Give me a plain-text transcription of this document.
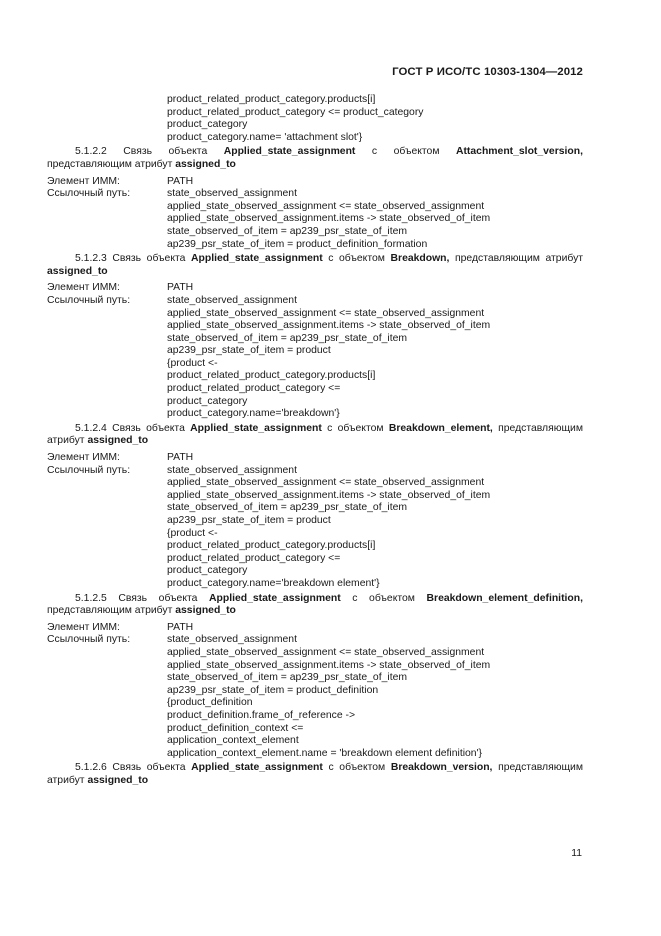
ГОСТ Р ИСО/ТС 10303-1304—2012
product_related_product_category.products[i]
product_related_product_category <= product_category
product_category
product_category.name= 'attachment slot'}
5.1.2.2 Связь объекта Applied_state_assignment с объектом Attachment_slot_version, представляющим атрибут assigned_to
Элемент ИММ:	PATH
Ссылочный путь:	state_observed_assignment
applied_state_observed_assignment <= state_observed_assignment
applied_state_observed_assignment.items -> state_observed_of_item
state_observed_of_item = ap239_psr_state_of_item
ap239_psr_state_of_item = product_definition_formation
5.1.2.3 Связь объекта Applied_state_assignment с объектом Breakdown, представляющим атрибут assigned_to
Элемент ИММ:	PATH
Ссылочный путь:	state_observed_assignment
applied_state_observed_assignment <= state_observed_assignment
applied_state_observed_assignment.items -> state_observed_of_item
state_observed_of_item = ap239_psr_state_of_item
ap239_psr_state_of_item = product
{product <-
product_related_product_category.products[i]
product_related_product_category <=
product_category
product_category.name='breakdown'}
5.1.2.4 Связь объекта Applied_state_assignment с объектом Breakdown_element, представляющим атрибут assigned_to
Элемент ИММ:	PATH
Ссылочный путь:	state_observed_assignment
applied_state_observed_assignment <= state_observed_assignment
applied_state_observed_assignment.items -> state_observed_of_item
state_observed_of_item = ap239_psr_state_of_item
ap239_psr_state_of_item = product
{product <-
product_related_product_category.products[i]
product_related_product_category <=
product_category
product_category.name='breakdown element'}
5.1.2.5 Связь объекта Applied_state_assignment с объектом Breakdown_element_definition, представляющим атрибут assigned_to
Элемент ИММ:	PATH
Ссылочный путь:	state_observed_assignment
applied_state_observed_assignment <= state_observed_assignment
applied_state_observed_assignment.items -> state_observed_of_item
state_observed_of_item = ap239_psr_state_of_item
ap239_psr_state_of_item = product_definition
{product_definition
product_definition.frame_of_reference ->
product_definition_context <=
application_context_element
application_context_element.name = 'breakdown element definition'}
5.1.2.6 Связь объекта Applied_state_assignment с объектом Breakdown_version, представляющим атрибут assigned_to
11
